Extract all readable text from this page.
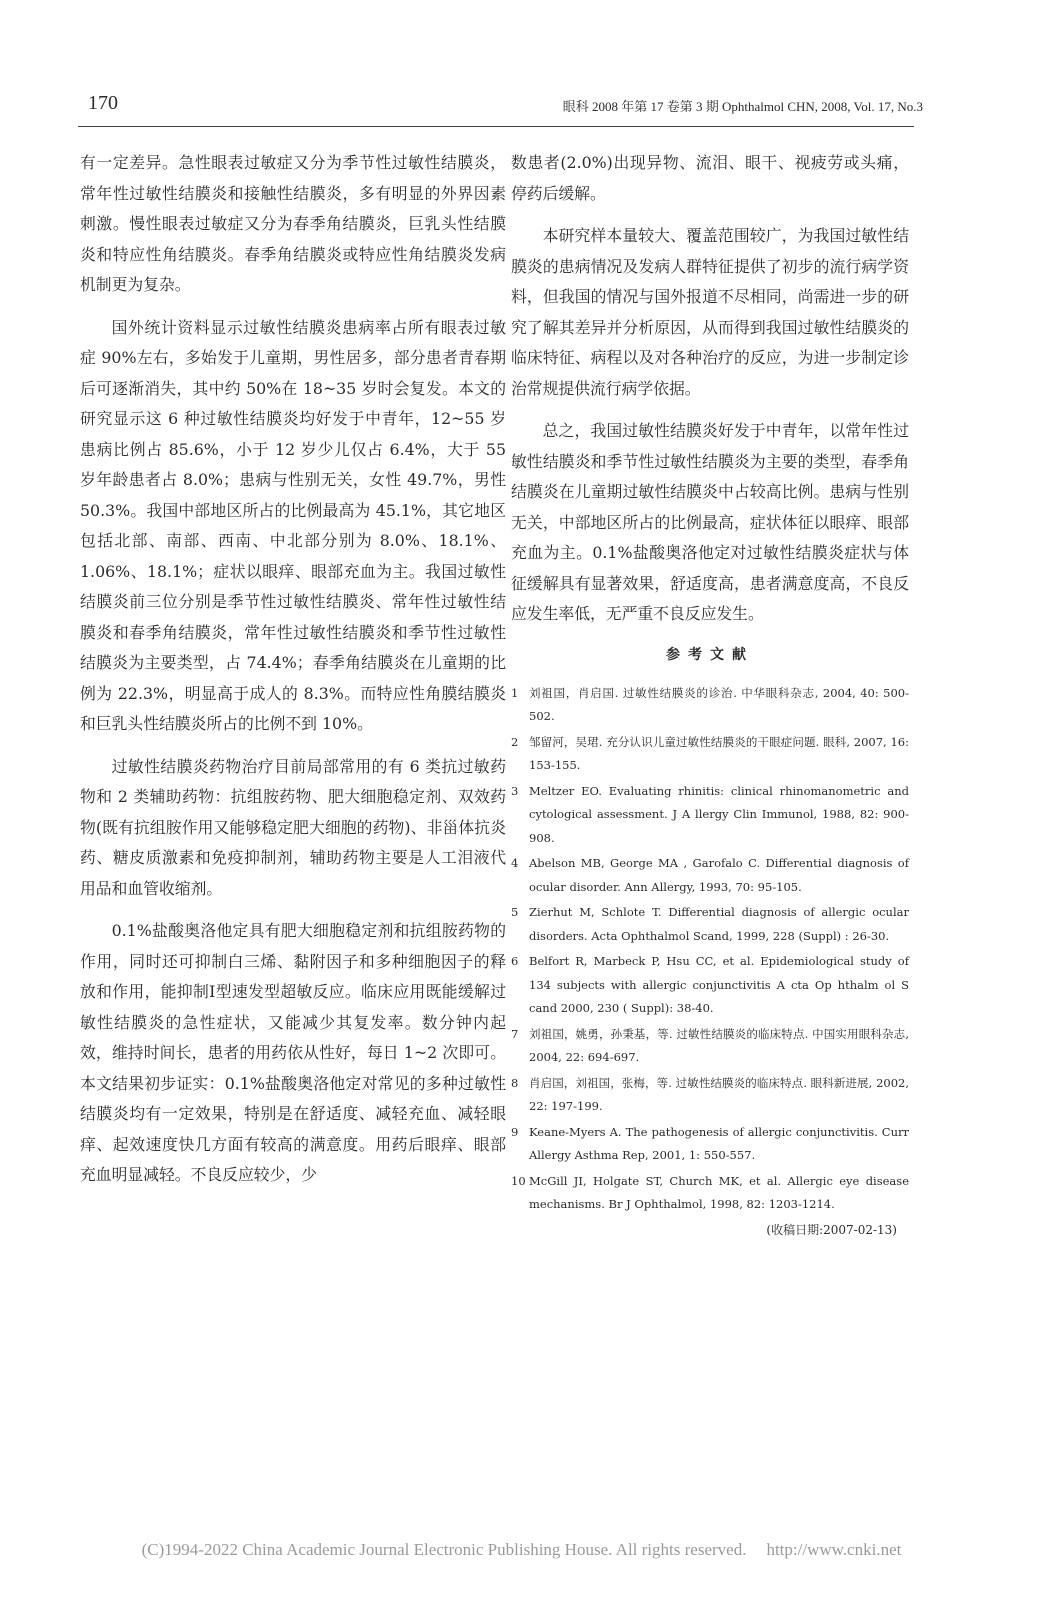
170	眼科 2008 年第 17 卷第 3 期 Ophthalmol CHN, 2008, Vol. 17, No.3

有一定差异。急性眼表过敏症又分为季节性过敏性结膜炎，常年性过敏性结膜炎和接触性结膜炎，多有明显的外界因素刺激。慢性眼表过敏症又分为春季角结膜炎，巨乳头性结膜炎和特应性角结膜炎。春季角结膜炎或特应性角结膜炎发病机制更为复杂。

国外统计资料显示过敏性结膜炎患病率占所有眼表过敏症 90%左右，多始发于儿童期，男性居多，部分患者青春期后可逐渐消失，其中约 50%在 18~35 岁时会复发。本文的研究显示这 6 种过敏性结膜炎均好发于中青年，12~55 岁患病比例占 85.6%，小于 12 岁少儿仅占 6.4%，大于 55 岁年龄患者占 8.0%；患病与性别无关，女性 49.7%，男性 50.3%。我国中部地区所占的比例最高为 45.1%，其它地区包括北部、南部、西南、中北部分别为 8.0%、18.1%、1.06%、18.1%；症状以眼痒、眼部充血为主。我国过敏性结膜炎前三位分别是季节性过敏性结膜炎、常年性过敏性结膜炎和春季角结膜炎，常年性过敏性结膜炎和季节性过敏性结膜炎为主要类型，占 74.4%；春季角结膜炎在儿童期的比例为 22.3%，明显高于成人的 8.3%。而特应性角膜结膜炎和巨乳头性结膜炎所占的比例不到 10%。

过敏性结膜炎药物治疗目前局部常用的有 6 类抗过敏药物和 2 类辅助药物：抗组胺药物、肥大细胞稳定剂、双效药物(既有抗组胺作用又能够稳定肥大细胞的药物)、非甾体抗炎药、糖皮质激素和免疫抑制剂，辅助药物主要是人工泪液代用品和血管收缩剂。

0.1%盐酸奥洛他定具有肥大细胞稳定剂和抗组胺药物的作用，同时还可抑制白三烯、黏附因子和多种细胞因子的释放和作用，能抑制Ⅰ型速发型超敏反应。临床应用既能缓解过敏性结膜炎的急性症状，又能减少其复发率。数分钟内起效，维持时间长，患者的用药依从性好，每日 1~2 次即可。本文结果初步证实：0.1%盐酸奥洛他定对常见的多种过敏性结膜炎均有一定效果，特别是在舒适度、减轻充血、减轻眼痒、起效速度快几方面有较高的满意度。用药后眼痒、眼部充血明显减轻。不良反应较少，少

数患者(2.0%)出现异物、流泪、眼干、视疲劳或头痛，停药后缓解。

本研究样本量较大、覆盖范围较广，为我国过敏性结膜炎的患病情况及发病人群特征提供了初步的流行病学资料，但我国的情况与国外报道不尽相同，尚需进一步的研究了解其差异并分析原因，从而得到我国过敏性结膜炎的临床特征、病程以及对各种治疗的反应，为进一步制定诊治常规提供流行病学依据。

总之，我国过敏性结膜炎好发于中青年，以常年性过敏性结膜炎和季节性过敏性结膜炎为主要的类型，春季角结膜炎在儿童期过敏性结膜炎中占较高比例。患病与性别无关，中部地区所占的比例最高，症状体征以眼痒、眼部充血为主。0.1%盐酸奥洛他定对过敏性结膜炎症状与体征缓解具有显著效果，舒适度高，患者满意度高，不良反应发生率低，无严重不良反应发生。

参考文献
1 刘祖国，肖启国. 过敏性结膜炎的诊治. 中华眼科杂志, 2004, 40: 500-502.
2 邹留河，吴珺. 充分认识儿童过敏性结膜炎的干眼症问题. 眼科, 2007, 16: 153-155.
3 Meltzer EO. Evaluating rhinitis: clinical rhinomanometric and cytological assessment. J A llergy Clin Immunol, 1988, 82: 900-908.
4 Abelson MB, George MA , Garofalo C. Differential diagnosis of ocular disorder. Ann Allergy, 1993, 70: 95-105.
5 Zierhut M, Schlote T. Differential diagnosis of allergic ocular disorders. Acta Ophthalmol Scand, 1999, 228 (Suppl) : 26-30.
6 Belfort R, Marbeck P, Hsu CC, et al. Epidemiological study of 134 subjects with allergic conjunctivitis A cta Op hthalm ol S cand 2000, 230 ( Suppl): 38-40.
7 刘祖国，姚勇，孙秉基，等. 过敏性结膜炎的临床特点. 中国实用眼科杂志, 2004, 22: 694-697.
8 肖启国，刘祖国，张梅，等. 过敏性结膜炎的临床特点. 眼科新进展, 2002, 22: 197-199.
9 Keane-Myers A. The pathogenesis of allergic conjunctivitis. Curr Allergy Asthma Rep, 2001, 1: 550-557.
10 McGill JI, Holgate ST, Church MK, et al. Allergic eye disease mechanisms. Br J Ophthalmol, 1998, 82: 1203-1214.
(收稿日期:2007-02-13)
(C)1994-2022 China Academic Journal Electronic Publishing House. All rights reserved. http://www.cnki.net
